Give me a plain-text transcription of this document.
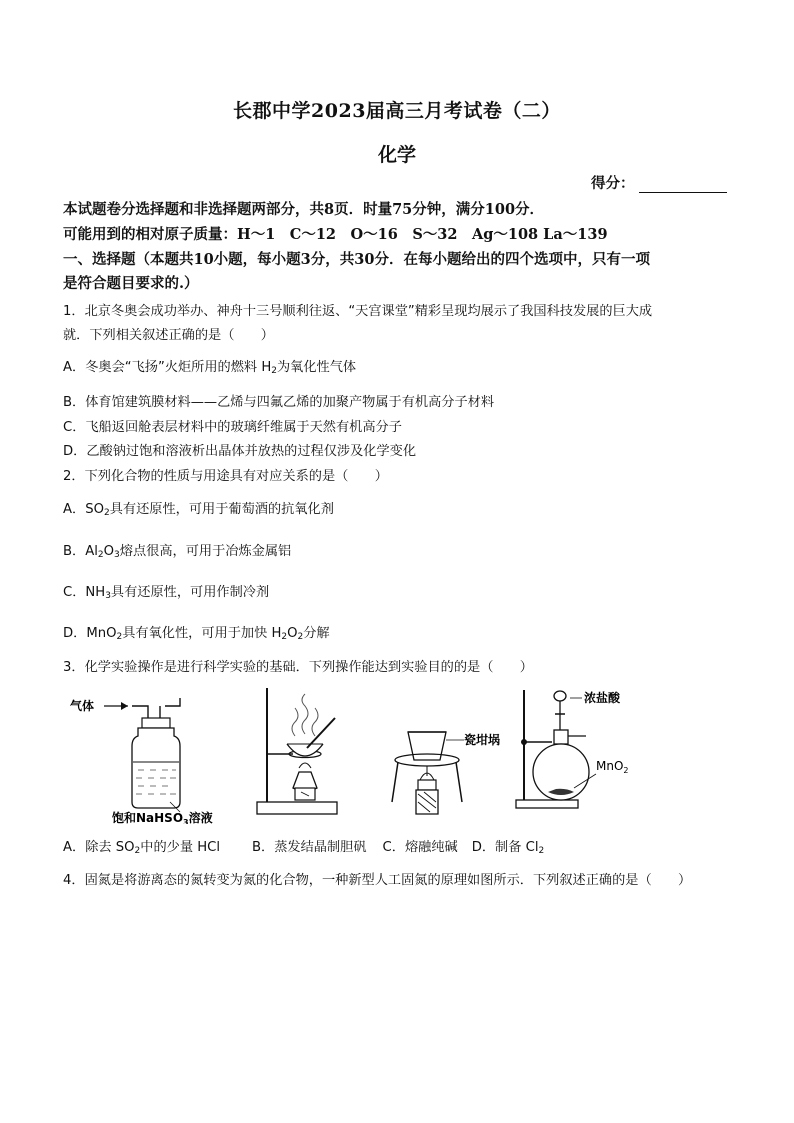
长郡中学2023届高三月考试卷（二）
化学
得分：
本试题卷分选择题和非选择题两部分，共8页．时量75分钟，满分100分．
可能用到的相对原子质量：H～1　C～12　O～16　S～32　Ag～108 La～139
一、选择题（本题共10小题，每小题3分，共30分．在每小题给出的四个选项中，只有一项
是符合题目要求的.）
1．北京冬奥会成功举办、神舟十三号顺利往返、“天宫课堂”精彩呈现均展示了我国科技发展的巨大成
就．下列相关叙述正确的是（　　）
A．冬奥会“飞扬”火炬所用的燃料 $H_2$为氧化性气体
B．体育馆建筑膜材料——乙烯与四氟乙烯的加聚产物属于有机高分子材料
C．飞船返回舱表层材料中的玻璃纤维属于天然有机高分子
D．乙酸钠过饱和溶液析出晶体并放热的过程仅涉及化学变化
2．下列化合物的性质与用途具有对应关系的是（　　）
A．$SO_2$具有还原性，可用于葡萄酒的抗氧化剂
B．$Al_2O_3$熔点很高，可用于冶炼金属铝
C．$NH_3$具有还原性，可用作制冷剂
D．MnO$_2$具有氧化性，可用于加快 $H_2O_2$分解
3．化学实验操作是进行科学实验的基础．下列操作能达到实验目的的是（　　）
气体
饱和NaHSO$_3$溶液
瓷坩埚
浓盐酸
MnO$_2$
A．除去 $SO_2$中的少量 HCl B．蒸发结晶制胆矾 C．熔融纯碱 D．制备 $Cl_2$
4．固氮是将游离态的氮转变为氮的化合物，一种新型人工固氮的原理如图所示．下列叙述正确的是（　　）
